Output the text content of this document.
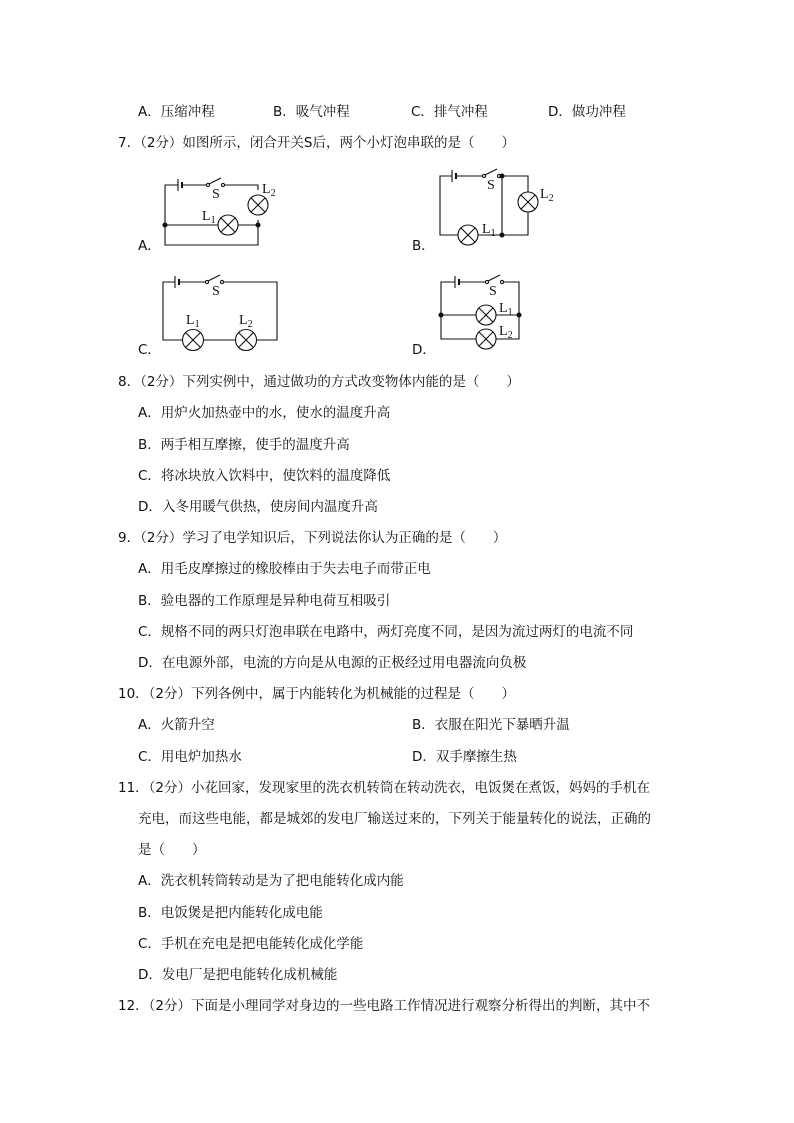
A．压缩冲程	B．吸气冲程	C．排气冲程	D．做功冲程
7．（2分）如图所示，闭合开关S后，两个小灯泡串联的是（　　）
A．	B．
C．	D．
S	$L_2$
$L_1$
S
$L_2$
$L_1$
S
$L_1$	$L_2$
S
$L_1$
$L_2$
8．（2分）下列实例中，通过做功的方式改变物体内能的是（　　）
A．用炉火加热壶中的水，使水的温度升高
B．两手相互摩擦，使手的温度升高
C．将冰块放入饮料中，使饮料的温度降低
D．入冬用暖气供热，使房间内温度升高
9．（2分）学习了电学知识后，下列说法你认为正确的是（　　）
A．用毛皮摩擦过的橡胶棒由于失去电子而带正电
B．验电器的工作原理是异种电荷互相吸引
C．规格不同的两只灯泡串联在电路中，两灯亮度不同，是因为流过两灯的电流不同
D．在电源外部，电流的方向是从电源的正极经过用电器流向负极
10．（2分）下列各例中，属于内能转化为机械能的过程是（　　）
A．火箭升空	B．衣服在阳光下暴晒升温
C．用电炉加热水	D．双手摩擦生热
11．（2分）小花回家，发现家里的洗衣机转筒在转动洗衣，电饭煲在煮饭，妈妈的手机在
充电，而这些电能，都是城郊的发电厂输送过来的，下列关于能量转化的说法，正确的
是（　　）
A．洗衣机转筒转动是为了把电能转化成内能
B．电饭煲是把内能转化成电能
C．手机在充电是把电能转化成化学能
D．发电厂是把电能转化成机械能
12．（2分）下面是小理同学对身边的一些电路工作情况进行观察分析得出的判断，其中不
